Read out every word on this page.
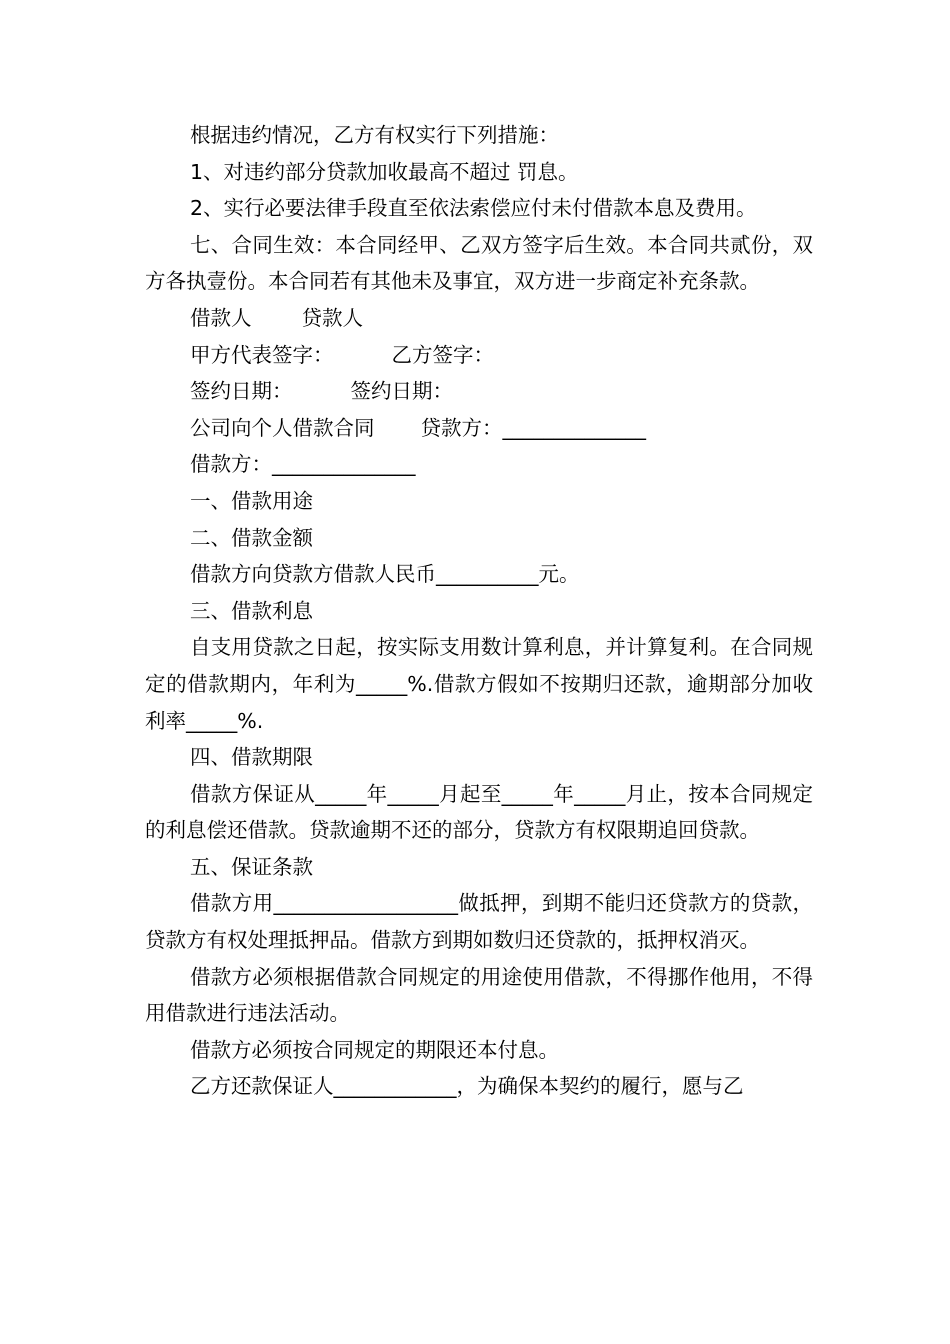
根据违约情况，乙方有权实行下列措施：

1、对违约部分贷款加收最高不超过 罚息。

2、实行必要法律手段直至依法索偿应付未付借款本息及费用。

七、合同生效：本合同经甲、乙双方签字后生效。本合同共贰份，双方各执壹份。本合同若有其他未及事宜，双方进一步商定补充条款。

借款人 贷款人
甲方代表签字：	乙方签字：
签约日期：	签约日期：
公司向个人借款合同 贷款方：______________
借款方：______________

一、借款用途

二、借款金额

借款方向贷款方借款人民币__________元。

三、借款利息

自支用贷款之日起，按实际支用数计算利息，并计算复利。在合同规定的借款期内，年利为_____%.借款方假如不按期归还款，逾期部分加收利率_____%.

四、借款期限

借款方保证从_____年_____月起至_____年_____月止，按本合同规定的利息偿还借款。贷款逾期不还的部分，贷款方有权限期追回贷款。

五、保证条款

借款方用__________________做抵押，到期不能归还贷款方的贷款，贷款方有权处理抵押品。借款方到期如数归还贷款的，抵押权消灭。

借款方必须根据借款合同规定的用途使用借款，不得挪作他用，不得用借款进行违法活动。

借款方必须按合同规定的期限还本付息。

乙方还款保证人____________，为确保本契约的履行，愿与乙
